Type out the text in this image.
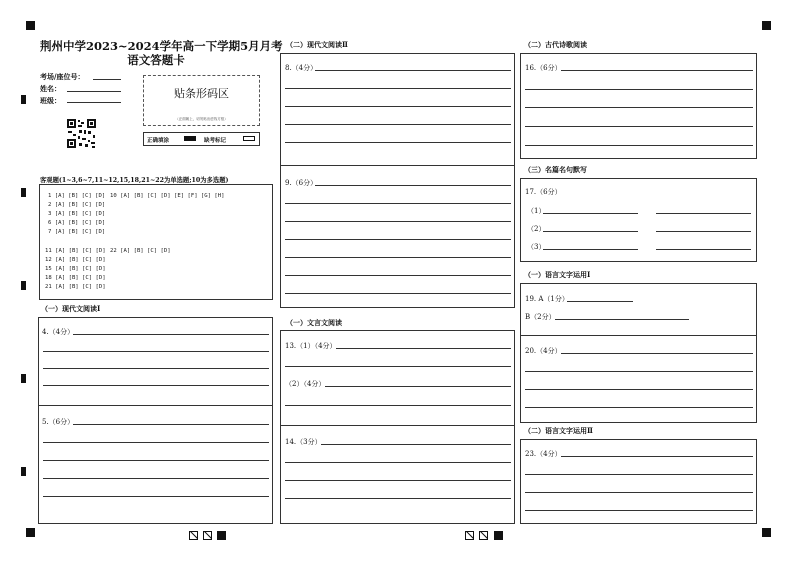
荆州中学2023~2024学年高一下学期5月月考
语文答题卡
考场/座位号：
姓名：
班级：
贴条形码区
（正面朝上，切勿贴出虚线方框）
正确填涂	缺考标记
客观题(1~3,6~7,11~12,15,18,21~22为单选题;10为多选题)
1 [A] [B] [C] [D]
2 [A] [B] [C] [D]
3 [A] [B] [C] [D]
6 [A] [B] [C] [D]
7 [A] [B] [C] [D]
10 [A] [B] [C] [D] [E] [F] [G] [H]
11 [A] [B] [C] [D]
12 [A] [B] [C] [D]
15 [A] [B] [C] [D]
18 [A] [B] [C] [D]
21 [A] [B] [C] [D]
22 [A] [B] [C] [D]
（一）现代文阅读Ⅰ
4.（4分）
5.（6分）
（二）现代文阅读Ⅱ
8.（4分）
9.（6分）
（一）文言文阅读
13.（1）（4分）
（2）（4分）
14.（3分）
（二）古代诗歌阅读
16.（6分）
（三）名篇名句默写
17.（6分）
（1）
（2）
（3）
（一）语言文字运用Ⅰ
19. A（1分）
B（2分）
20.（4分）
（二）语言文字运用Ⅱ
23.（4分）
